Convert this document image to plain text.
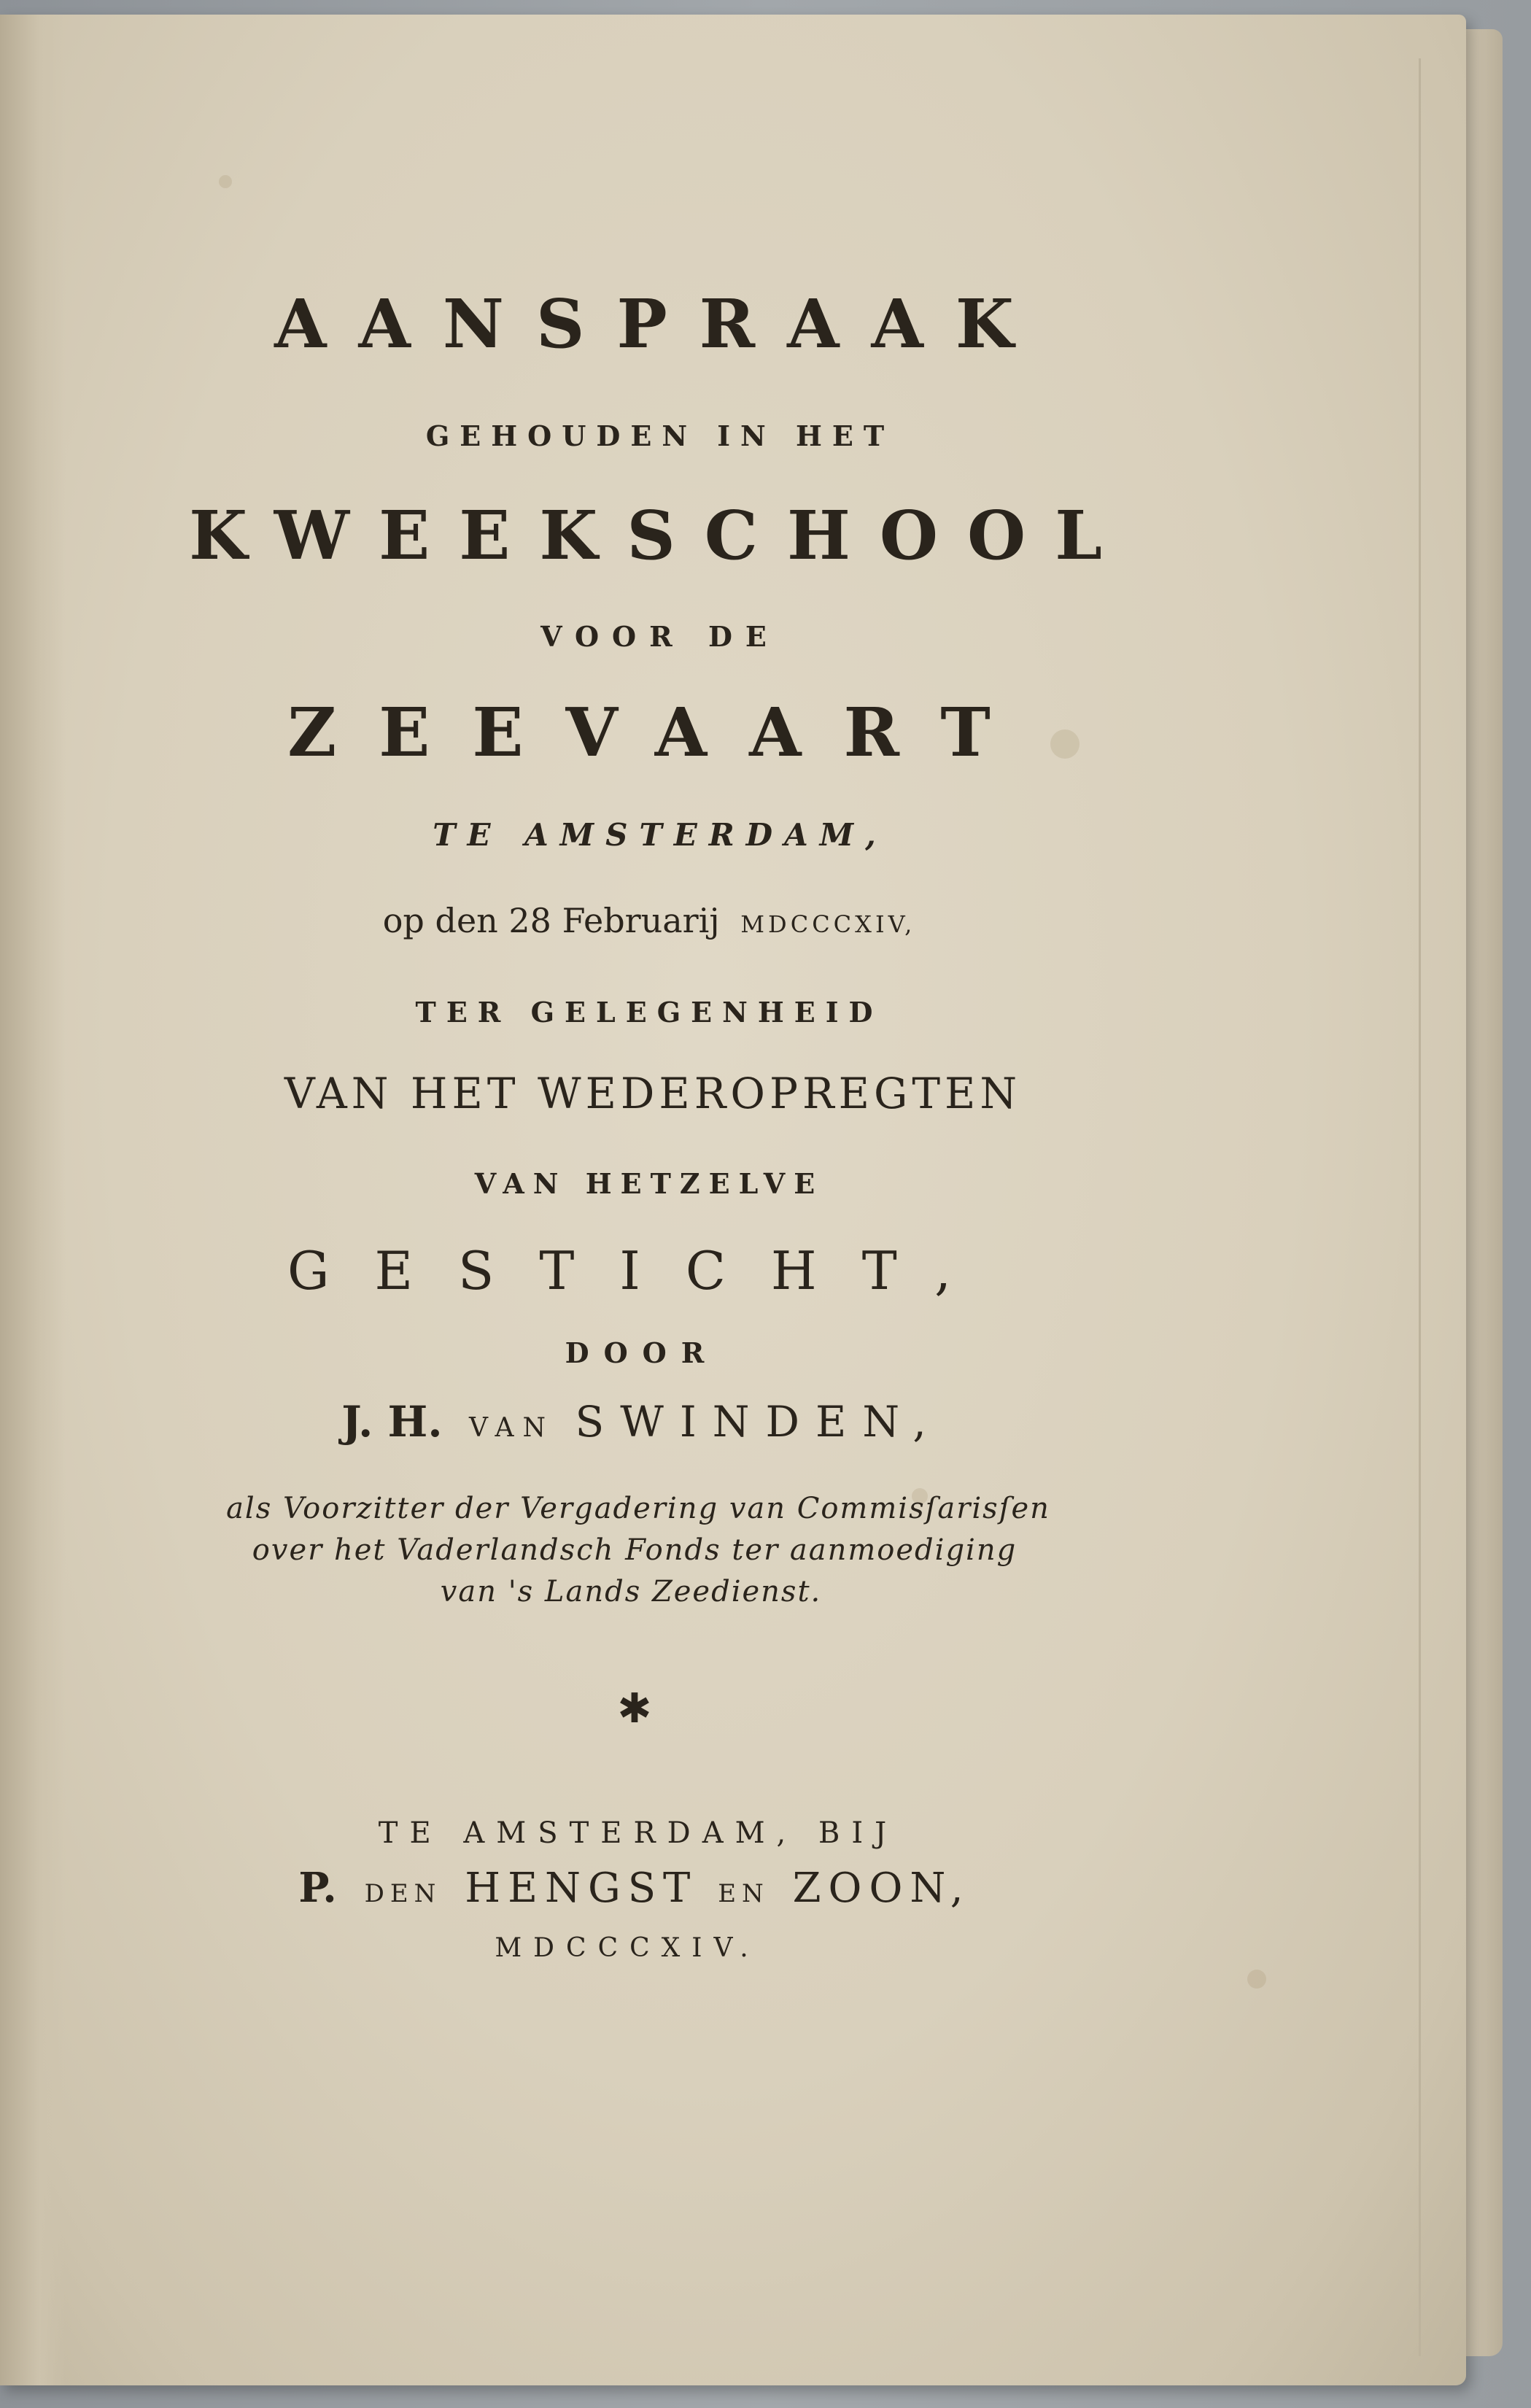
AANSPRAAK
GEHOUDEN IN HET
KWEEKSCHOOL
VOOR DE
ZEEVAART
TE AMSTERDAM,
op den 28 Februarij MDCCCXIV,
TER GELEGENHEID
VAN HET WEDEROPREGTEN
VAN HETZELVE
GESTICHT,
DOOR
J. H. VAN SWINDEN,
als Voorzitter der Vergadering van Commisſarisſen
over het Vaderlandsch Fonds ter aanmoediging
van 's Lands Zeedienst.
✱
TE AMSTERDAM, BIJ
P. DEN HENGST EN ZOON,
MDCCCXIV.
